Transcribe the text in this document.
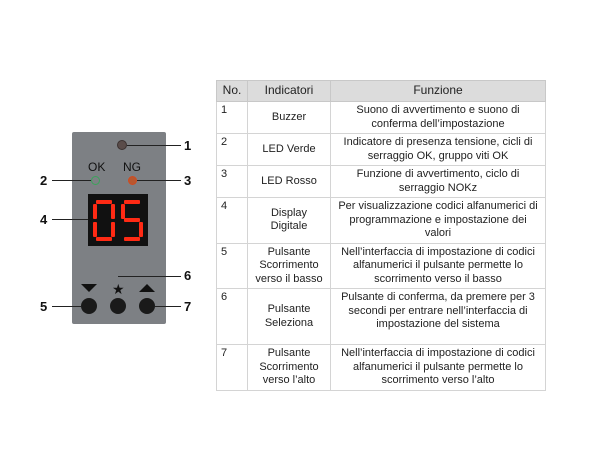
OK NG
★
1
2	3
4
5
6
7
No.	Indicatori	Funzione
1	Buzzer	Suono di avvertimento e suono di conferma dell’impostazione
2	LED Verde	Indicatore di presenza tensione, cicli di serraggio OK, gruppo viti OK
3	LED Rosso	Funzione di avvertimento, ciclo di serraggio NOKz
4	Display Digitale	Per visualizzazione codici alfanumerici di programmazione e impostazione dei valori
5	Pulsante Scorrimento verso il basso	Nell’interfaccia di impostazione di codici alfanumerici il pulsante permette lo scorrimento verso il basso
6	Pulsante Seleziona	Pulsante di conferma, da premere per 3 secondi per entrare nell’interfaccia di impostazione del sistema
7	Pulsante Scorrimento verso l’alto	Nell’interfaccia di impostazione di codici alfanumerici il pulsante permette lo scorrimento verso l’alto
